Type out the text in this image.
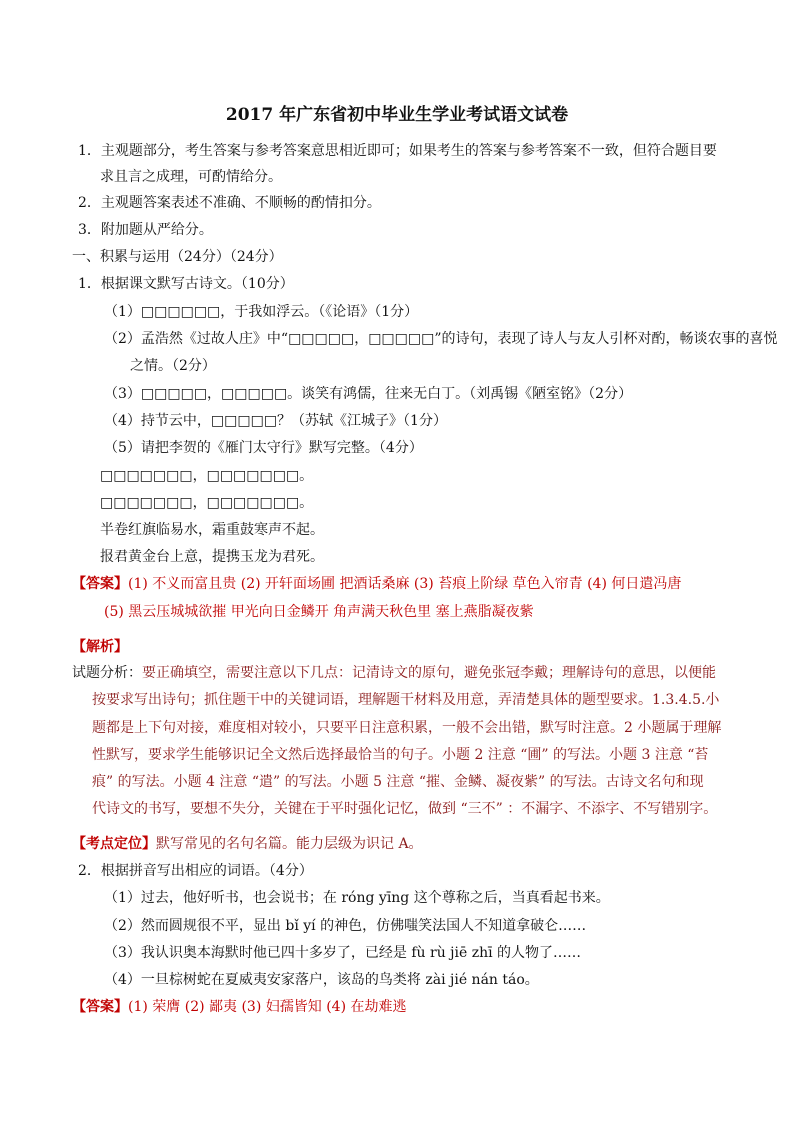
2017 年广东省初中毕业生学业考试语文试卷
1．主观题部分，考生答案与参考答案意思相近即可；如果考生的答案与参考答案不一致，但符合题目要
求且言之成理，可酌情给分。
2．主观题答案表述不准确、不顺畅的酌情扣分。
3．附加题从严给分。
一、积累与运用（24分）（24分）
1．根据课文默写古诗文。（10分）
（1）□□□□□□，于我如浮云。（《论语》（1分）
（2）孟浩然《过故人庄》中“□□□□□，□□□□□”的诗句，表现了诗人与友人引杯对酌，畅谈农事的喜悦
之情。（2分）
（3）□□□□□，□□□□□。谈笑有鸿儒，往来无白丁。（刘禹锡《陋室铭》（2分）
（4）持节云中，□□□□□？（苏轼《江城子》（1分）
（5）请把李贺的《雁门太守行》默写完整。（4分）
□□□□□□□，□□□□□□□。
□□□□□□□，□□□□□□□。
半卷红旗临易水，霜重鼓寒声不起。
报君黄金台上意，提携玉龙为君死。
【答案】(1) 不义而富且贵 (2) 开轩面场圃 把酒话桑麻 (3) 苔痕上阶绿 草色入帘青 (4) 何日遣冯唐
(5) 黑云压城城欲摧 甲光向日金鳞开 角声满天秋色里 塞上燕脂凝夜紫
【解析】
试题分析：要正确填空，需要注意以下几点：记清诗文的原句，避免张冠李戴；理解诗句的意思，以便能
按要求写出诗句；抓住题干中的关键词语，理解题干材料及用意，弄清楚具体的题型要求。1.3.4.5.小
题都是上下句对接，难度相对较小，只要平日注意积累，一般不会出错，默写时注意。2 小题属于理解
性默写，要求学生能够识记全文然后选择最恰当的句子。小题 2 注意 “圃” 的写法。小题 3 注意 “苔
痕” 的写法。小题 4 注意 “遣” 的写法。小题 5 注意 “摧、金鳞、凝夜紫” 的写法。古诗文名句和现
代诗文的书写，要想不失分，关键在于平时强化记忆，做到 “三不” ：不漏字、不添字、不写错别字。
【考点定位】默写常见的名句名篇。能力层级为识记 A。
2．根据拼音写出相应的词语。（4分）
（1）过去，他好听书，也会说书；在 róng yīng 这个尊称之后，当真看起书来。
（2）然而圆规很不平，显出 bǐ yí 的神色，仿佛嗤笑法国人不知道拿破仑……
（3）我认识奥本海默时他已四十多岁了，已经是 fù rù jiē zhī 的人物了……
（4）一旦棕树蛇在夏威夷安家落户，该岛的鸟类将 zài jié nán táo。
【答案】(1) 荣膺 (2) 鄙夷 (3) 妇孺皆知 (4) 在劫难逃
